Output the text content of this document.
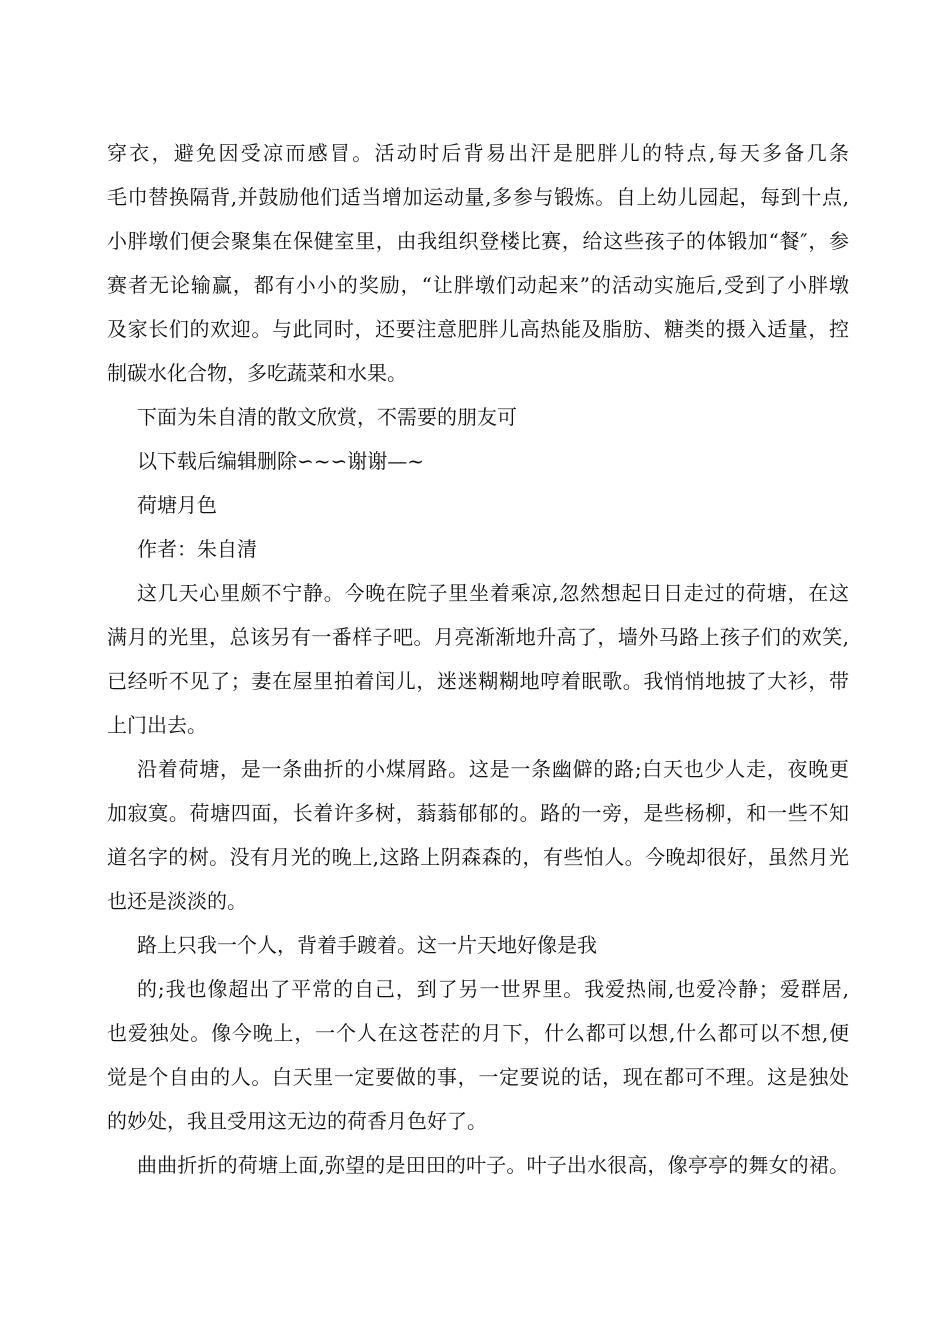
穿衣，避免因受凉而感冒。活动时后背易出汗是肥胖儿的特点,每天多备几条
毛巾替换隔背,并鼓励他们适当增加运动量,多参与锻炼。自上幼儿园起，每到十点,
小胖墩们便会聚集在保健室里，由我组织登楼比赛，给这些孩子的体锻加“餐″，参
赛者无论输赢，都有小小的奖励，“让胖墩们动起来”的活动实施后,受到了小胖墩
及家长们的欢迎。与此同时，还要注意肥胖儿高热能及脂肪、糖类的摄入适量，控
制碳水化合物，多吃蔬菜和水果。
下面为朱自清的散文欣赏，不需要的朋友可
以下载后编辑删除∽~∽谢谢—~
荷塘月色
作者：朱自清
这几天心里颇不宁静。今晚在院子里坐着乘凉,忽然想起日日走过的荷塘，在这
满月的光里，总该另有一番样子吧。月亮渐渐地升高了，墙外马路上孩子们的欢笑,
已经听不见了；妻在屋里拍着闰儿，迷迷糊糊地哼着眠歌。我悄悄地披了大衫，带
上门出去。
沿着荷塘，是一条曲折的小煤屑路。这是一条幽僻的路;白天也少人走，夜晚更
加寂寞。荷塘四面，长着许多树，蓊蓊郁郁的。路的一旁，是些杨柳，和一些不知
道名字的树。没有月光的晚上,这路上阴森森的，有些怕人。今晚却很好，虽然月光
也还是淡淡的。
路上只我一个人，背着手踱着。这一片天地好像是我
的;我也像超出了平常的自己，到了另一世界里。我爱热闹,也爱冷静；爱群居,
也爱独处。像今晚上，一个人在这苍茫的月下，什么都可以想,什么都可以不想,便
觉是个自由的人。白天里一定要做的事，一定要说的话，现在都可不理。这是独处
的妙处，我且受用这无边的荷香月色好了。
曲曲折折的荷塘上面,弥望的是田田的叶子。叶子出水很高，像亭亭的舞女的裙。
